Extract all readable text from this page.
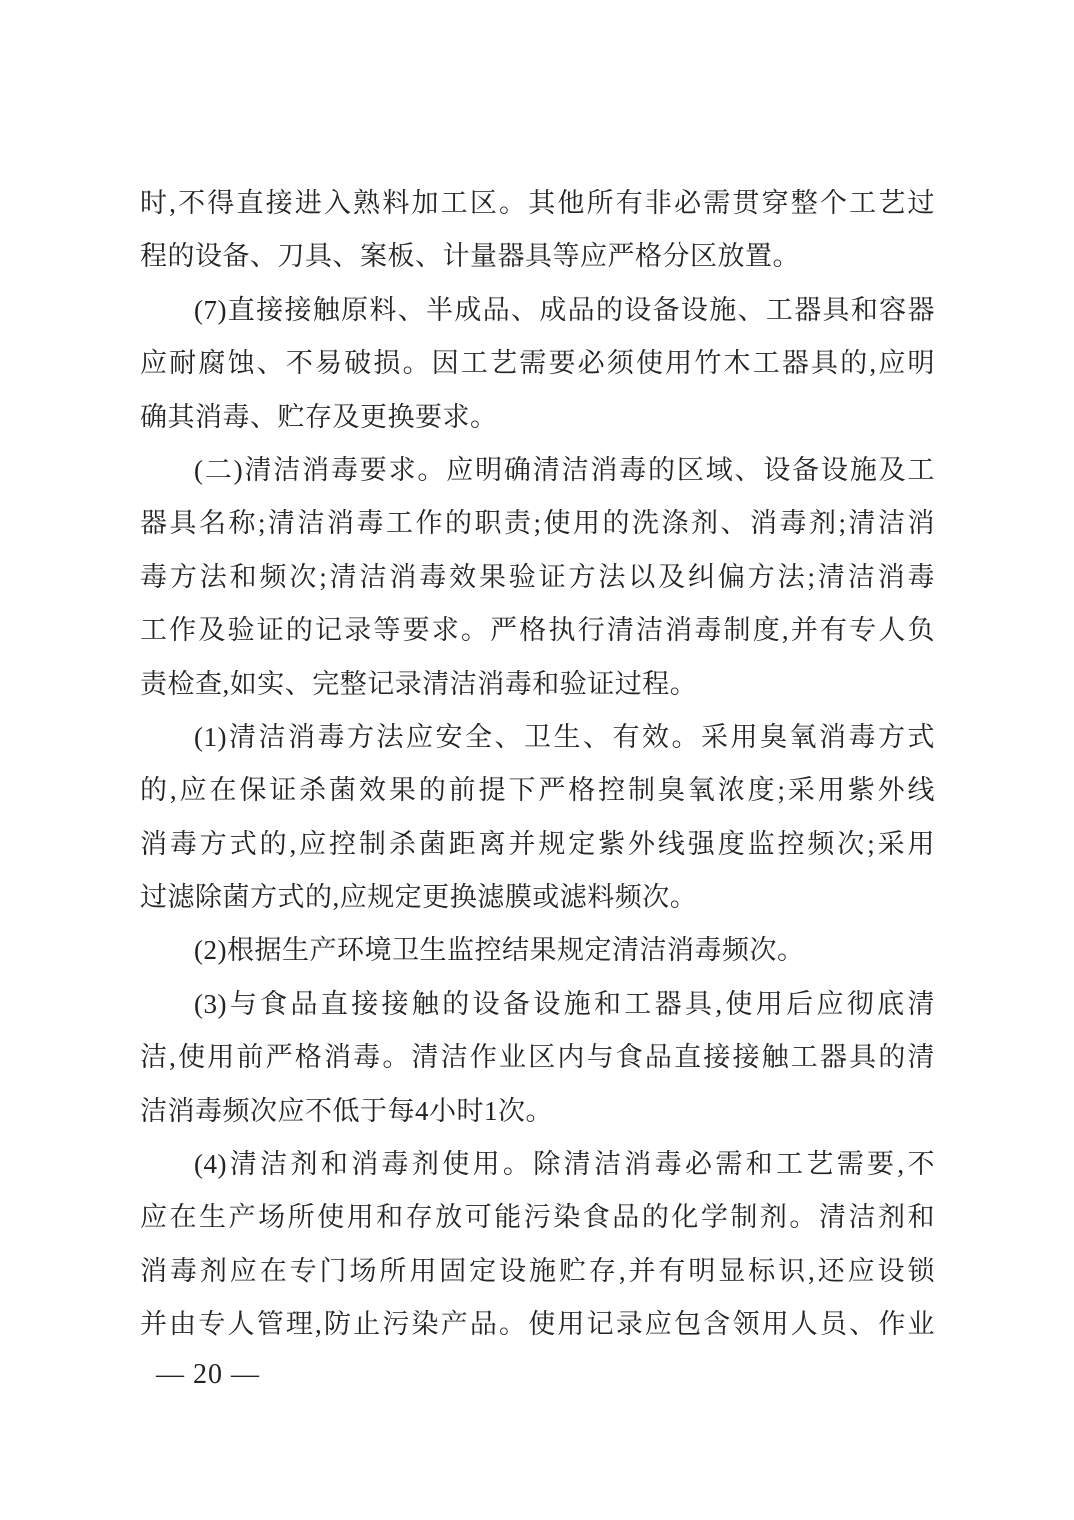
时,不得直接进入熟料加工区。其他所有非必需贯穿整个工艺过
程的设备、刀具、案板、计量器具等应严格分区放置。
(7)直接接触原料、半成品、成品的设备设施、工器具和容器
应耐腐蚀、不易破损。因工艺需要必须使用竹木工器具的,应明
确其消毒、贮存及更换要求。
(二)清洁消毒要求。应明确清洁消毒的区域、设备设施及工
器具名称;清洁消毒工作的职责;使用的洗涤剂、消毒剂;清洁消
毒方法和频次;清洁消毒效果验证方法以及纠偏方法;清洁消毒
工作及验证的记录等要求。严格执行清洁消毒制度,并有专人负
责检查,如实、完整记录清洁消毒和验证过程。
(1)清洁消毒方法应安全、卫生、有效。采用臭氧消毒方式
的,应在保证杀菌效果的前提下严格控制臭氧浓度;采用紫外线
消毒方式的,应控制杀菌距离并规定紫外线强度监控频次;采用
过滤除菌方式的,应规定更换滤膜或滤料频次。
(2)根据生产环境卫生监控结果规定清洁消毒频次。
(3)与食品直接接触的设备设施和工器具,使用后应彻底清
洁,使用前严格消毒。清洁作业区内与食品直接接触工器具的清
洁消毒频次应不低于每4小时1次。
(4)清洁剂和消毒剂使用。除清洁消毒必需和工艺需要,不
应在生产场所使用和存放可能污染食品的化学制剂。清洁剂和
消毒剂应在专门场所用固定设施贮存,并有明显标识,还应设锁
并由专人管理,防止污染产品。使用记录应包含领用人员、作业
— 20 —
